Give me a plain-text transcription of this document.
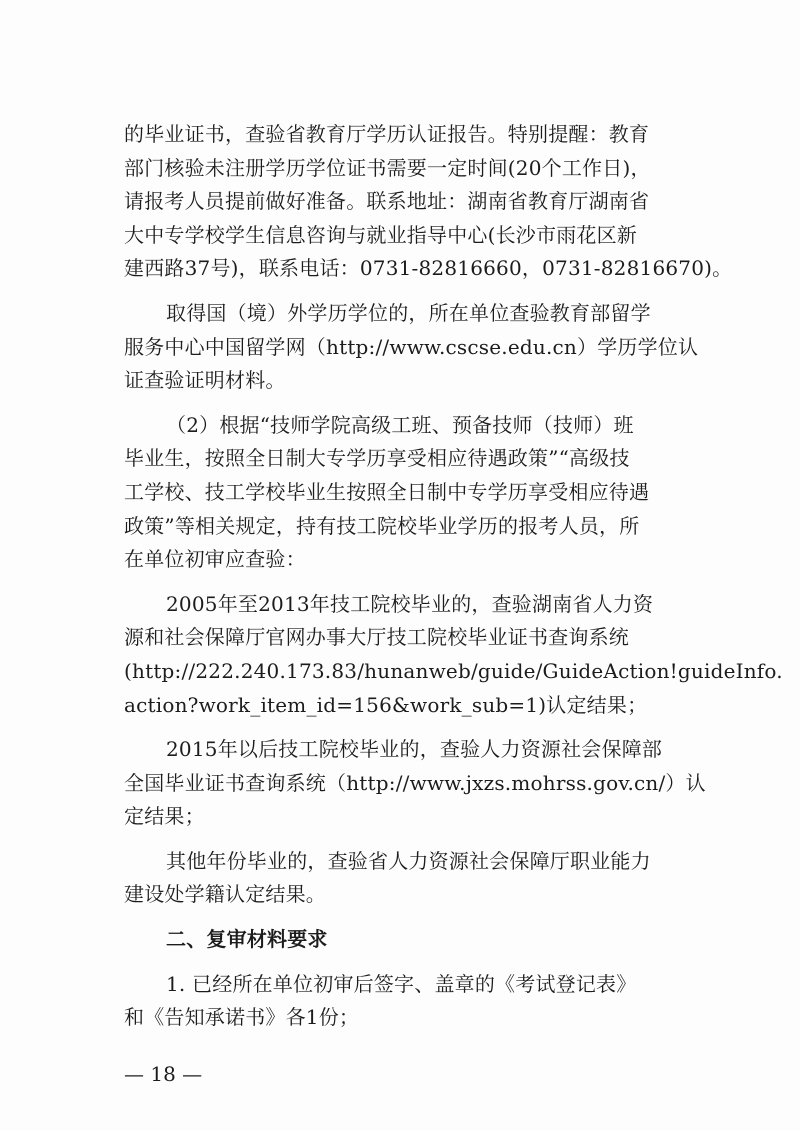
的毕业证书，查验省教育厅学历认证报告。特别提醒：教育
部门核验未注册学历学位证书需要一定时间(20个工作日)，
请报考人员提前做好准备。联系地址：湖南省教育厅湖南省
大中专学校学生信息咨询与就业指导中心(长沙市雨花区新
建西路37号)，联系电话：0731-82816660，0731-82816670)。
取得国（境）外学历学位的，所在单位查验教育部留学
服务中心中国留学网（http://www.cscse.edu.cn）学历学位认
证查验证明材料。
（2）根据“技师学院高级工班、预备技师（技师）班
毕业生，按照全日制大专学历享受相应待遇政策”“高级技
工学校、技工学校毕业生按照全日制中专学历享受相应待遇
政策”等相关规定，持有技工院校毕业学历的报考人员，所
在单位初审应查验：
2005年至2013年技工院校毕业的，查验湖南省人力资
源和社会保障厅官网办事大厅技工院校毕业证书查询系统
(http://222.240.173.83/hunanweb/guide/GuideAction!guideInfo.
action?work_item_id=156&work_sub=1)认定结果；
2015年以后技工院校毕业的，查验人力资源社会保障部
全国毕业证书查询系统（http://www.jxzs.mohrss.gov.cn/）认
定结果；
其他年份毕业的，查验省人力资源社会保障厅职业能力
建设处学籍认定结果。
二、复审材料要求
1. 已经所在单位初审后签字、盖章的《考试登记表》
和《告知承诺书》各1份；
— 18 —
